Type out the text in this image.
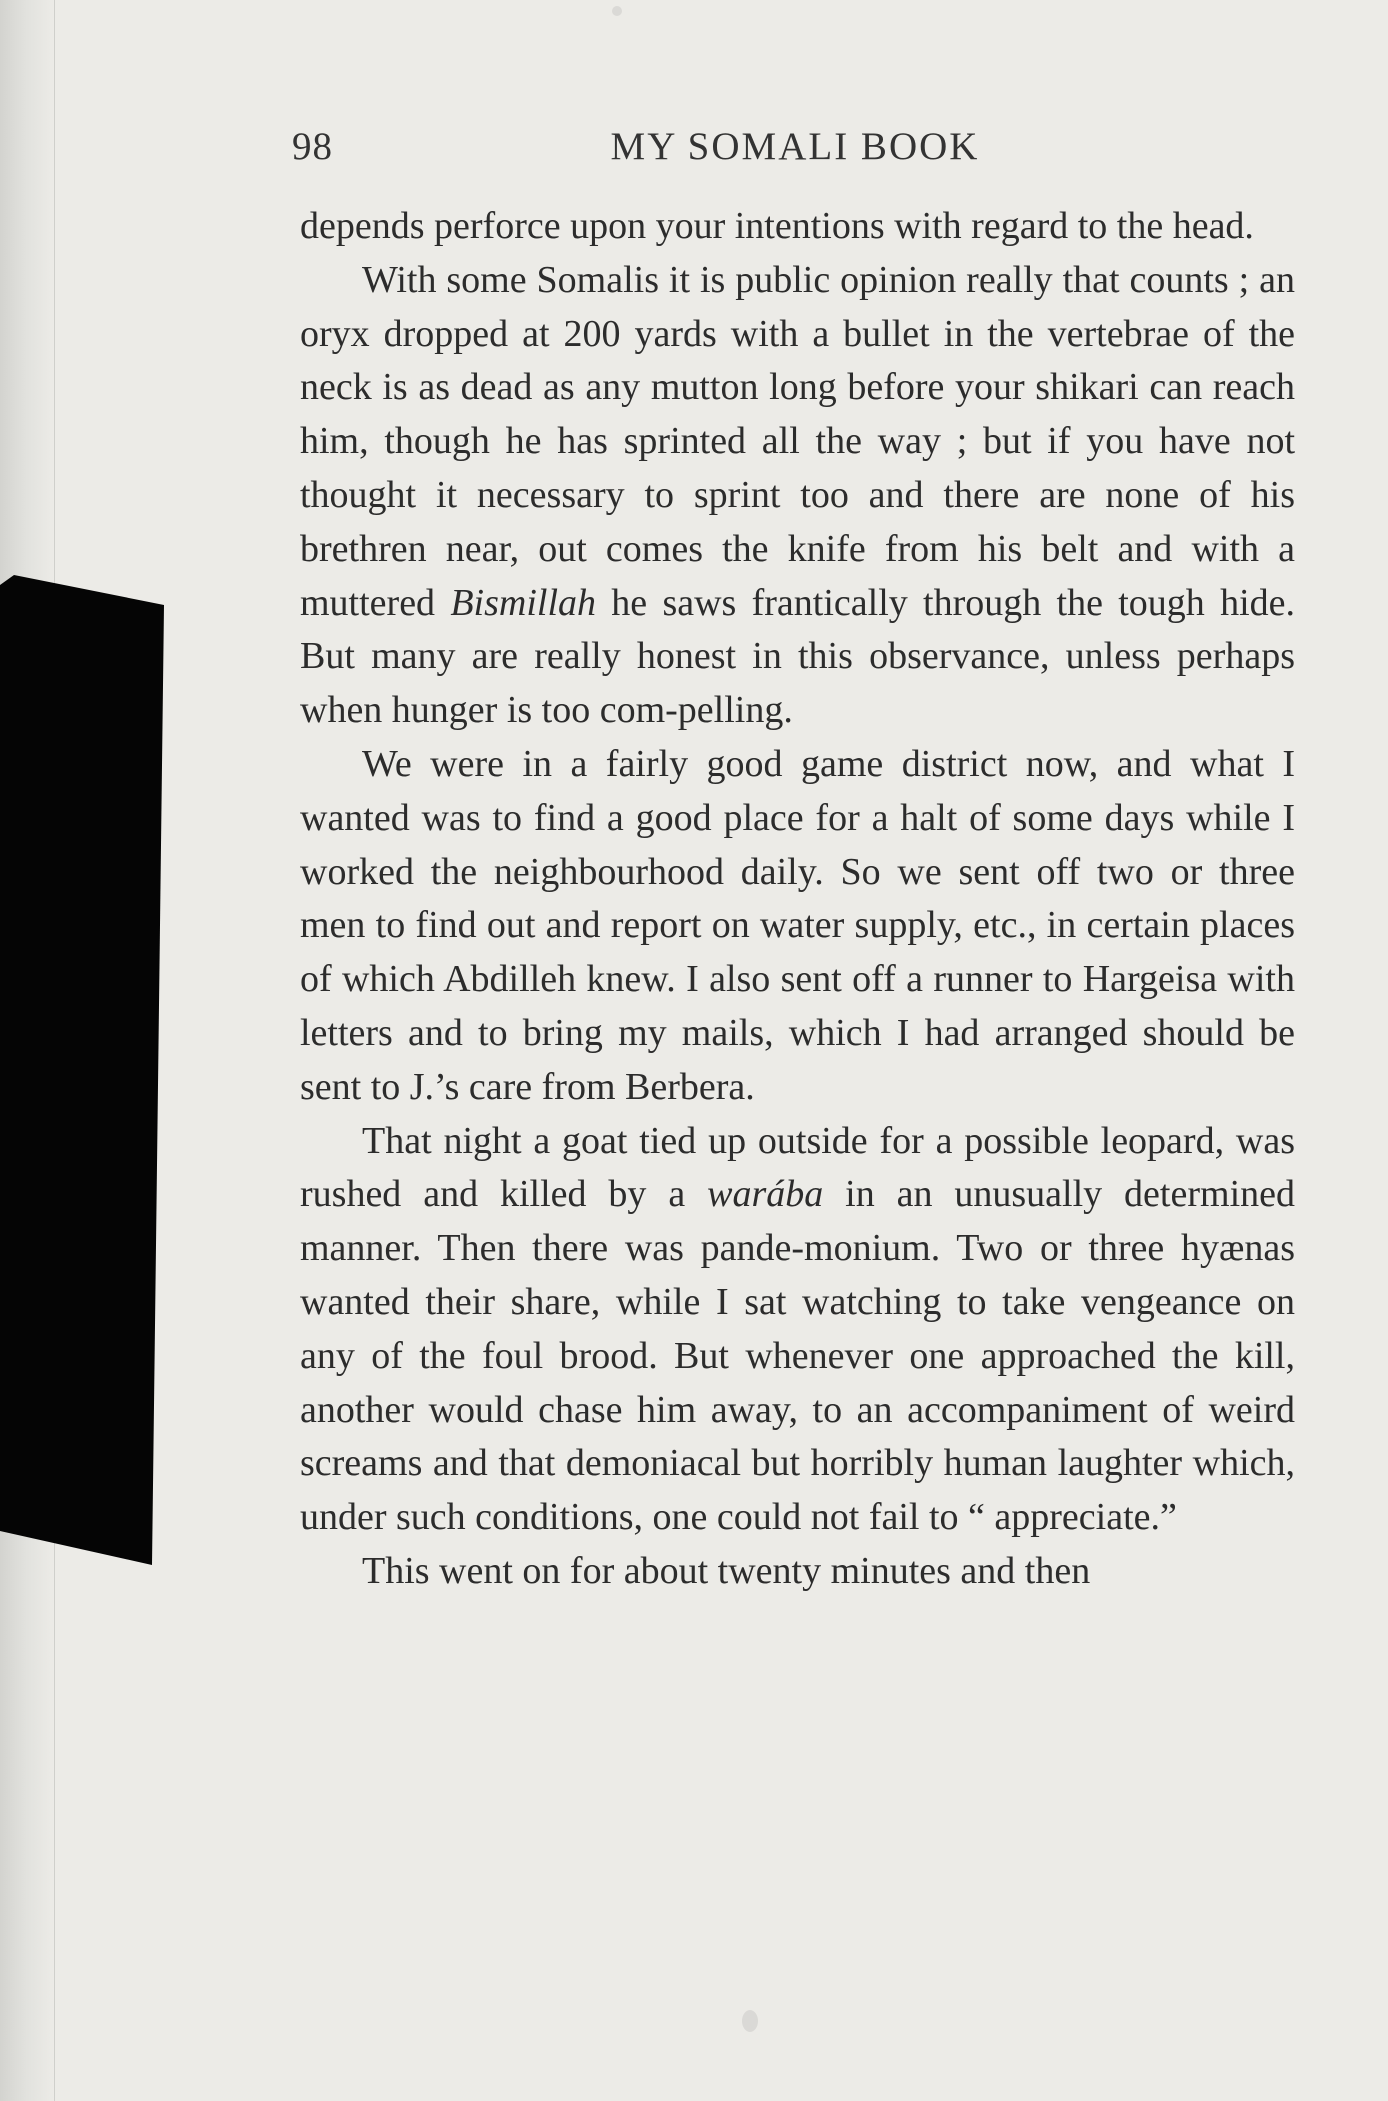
98	MY SOMALI BOOK

depends perforce upon your intentions with regard to the head.

With some Somalis it is public opinion really that counts ; an oryx dropped at 200 yards with a bullet in the vertebrae of the neck is as dead as any mutton long before your shikari can reach him, though he has sprinted all the way ; but if you have not thought it necessary to sprint too and there are none of his brethren near, out comes the knife from his belt and with a muttered Bismillah he saws frantically through the tough hide. But many are really honest in this observance, unless perhaps when hunger is too com-pelling.

We were in a fairly good game district now, and what I wanted was to find a good place for a halt of some days while I worked the neighbourhood daily. So we sent off two or three men to find out and report on water supply, etc., in certain places of which Abdilleh knew. I also sent off a runner to Hargeisa with letters and to bring my mails, which I had arranged should be sent to J.’s care from Berbera.

That night a goat tied up outside for a possible leopard, was rushed and killed by a warába in an unusually determined manner. Then there was pande-monium. Two or three hyænas wanted their share, while I sat watching to take vengeance on any of the foul brood. But whenever one approached the kill, another would chase him away, to an accompaniment of weird screams and that demoniacal but horribly human laughter which, under such conditions, one could not fail to “ appreciate.”

This went on for about twenty minutes and then
